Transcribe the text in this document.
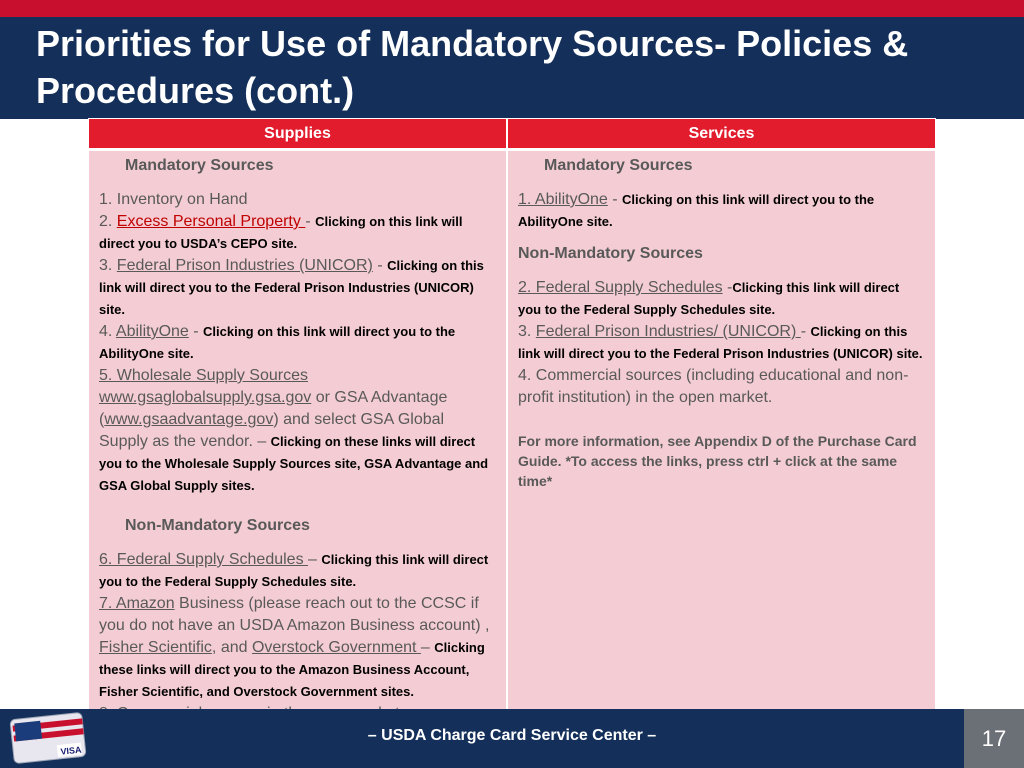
Priorities for Use of Mandatory Sources- Policies & Procedures (cont.)
Supplies	Services
Mandatory Sources

1. Inventory on Hand

2. Excess Personal Property - Clicking on this link will direct you to USDA’s CEPO site.

3. Federal Prison Industries (UNICOR) - Clicking on this link will direct you to the Federal Prison Industries (UNICOR) site.

4. AbilityOne - Clicking on this link will direct you to the AbilityOne site.

5. Wholesale Supply Sources www.gsaglobalsupply.gsa.gov or GSA Advantage (www.gsaadvantage.gov) and select GSA Global Supply as the vendor. – Clicking on these links will direct you to the Wholesale Supply Sources site, GSA Advantage and GSA Global Supply sites.

Non-Mandatory Sources

6. Federal Supply Schedules – Clicking this link will direct you to the Federal Supply Schedules site.

7. Amazon Business (please reach out to the CCSC if you do not have an USDA Amazon Business account) , Fisher Scientific, and Overstock Government – Clicking these links will direct you to the Amazon Business Account, Fisher Scientific, and Overstock Government sites.

Mandatory Sources

1. AbilityOne - Clicking on this link will direct you to the AbilityOne site.

Non-Mandatory Sources

2. Federal Supply Schedules -Clicking this link will direct you to the Federal Supply Schedules site.

3. Federal Prison Industries/ (UNICOR) - Clicking on this link will direct you to the Federal Prison Industries (UNICOR) site.

4. Commercial sources (including educational and non-profit institution) in the open market.

For more information, see Appendix D of the Purchase Card Guide. *To access the links, press ctrl + click at the same time*

VISA
– USDA Charge Card Service Center –	17
